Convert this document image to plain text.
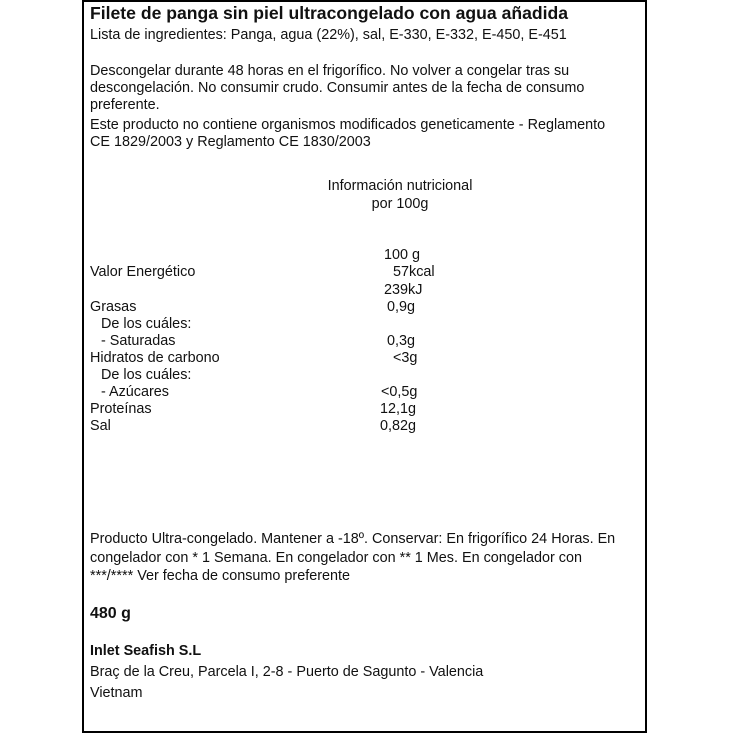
Filete de panga sin piel ultracongelado con agua añadida
Lista de ingredientes: Panga, agua (22%), sal, E-330, E-332, E-450, E-451
Descongelar durante 48 horas en el frigorífico. No volver a congelar tras su
descongelación. No consumir crudo. Consumir antes de la fecha de consumo
preferente.
Este producto no contiene organismos modificados geneticamente - Reglamento
CE 1829/2003 y Reglamento CE 1830/2003
Información nutricional
por 100g
100 g
Valor Energético	57kcal
239kJ
Grasas	0,9g
De los cuáles:
- Saturadas	0,3g
Hidratos de carbono	<3g
De los cuáles:
- Azúcares	<0,5g
Proteínas	12,1g
Sal	0,82g
Producto Ultra-congelado. Mantener a -18º. Conservar: En frigorífico 24 Horas. En
congelador con * 1 Semana. En congelador con ** 1 Mes. En congelador con
***/**** Ver fecha de consumo preferente
480 g
Inlet Seafish S.L
Braç de la Creu, Parcela I, 2-8 - Puerto de Sagunto - Valencia
Vietnam
